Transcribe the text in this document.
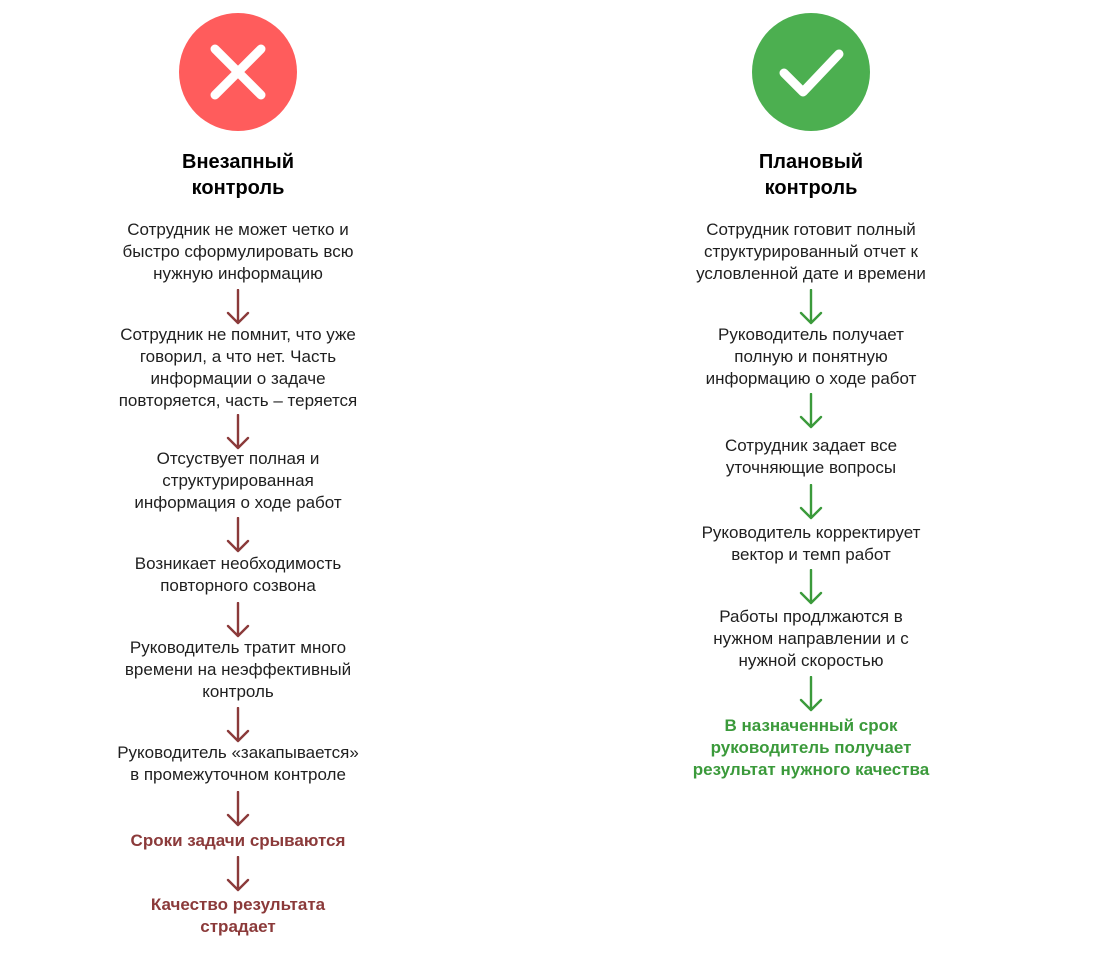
Внезапный
контроль
Сотрудник не может четко и
быстро сформулировать всю
нужную информацию
Сотрудник не помнит, что уже
говорил, а что нет. Часть
информации о задаче
повторяется, часть – теряется
Отсуствует полная и
структурированная
информация о ходе работ
Возникает необходимость
повторного созвона
Руководитель тратит много
времени на неэффективный
контроль
Руководитель «закапывается»
в промежуточном контроле
Сроки задачи срываются
Качество результата
страдает
Плановый
контроль
Сотрудник готовит полный
структурированный отчет к
условленной дате и времени
Руководитель получает
полную и понятную
информацию о ходе работ
Сотрудник задает все
уточняющие вопросы
Руководитель корректирует
вектор и темп работ
Работы продлжаются в
нужном направлении и с
нужной скоростью
В назначенный срок
руководитель получает
результат нужного качества
